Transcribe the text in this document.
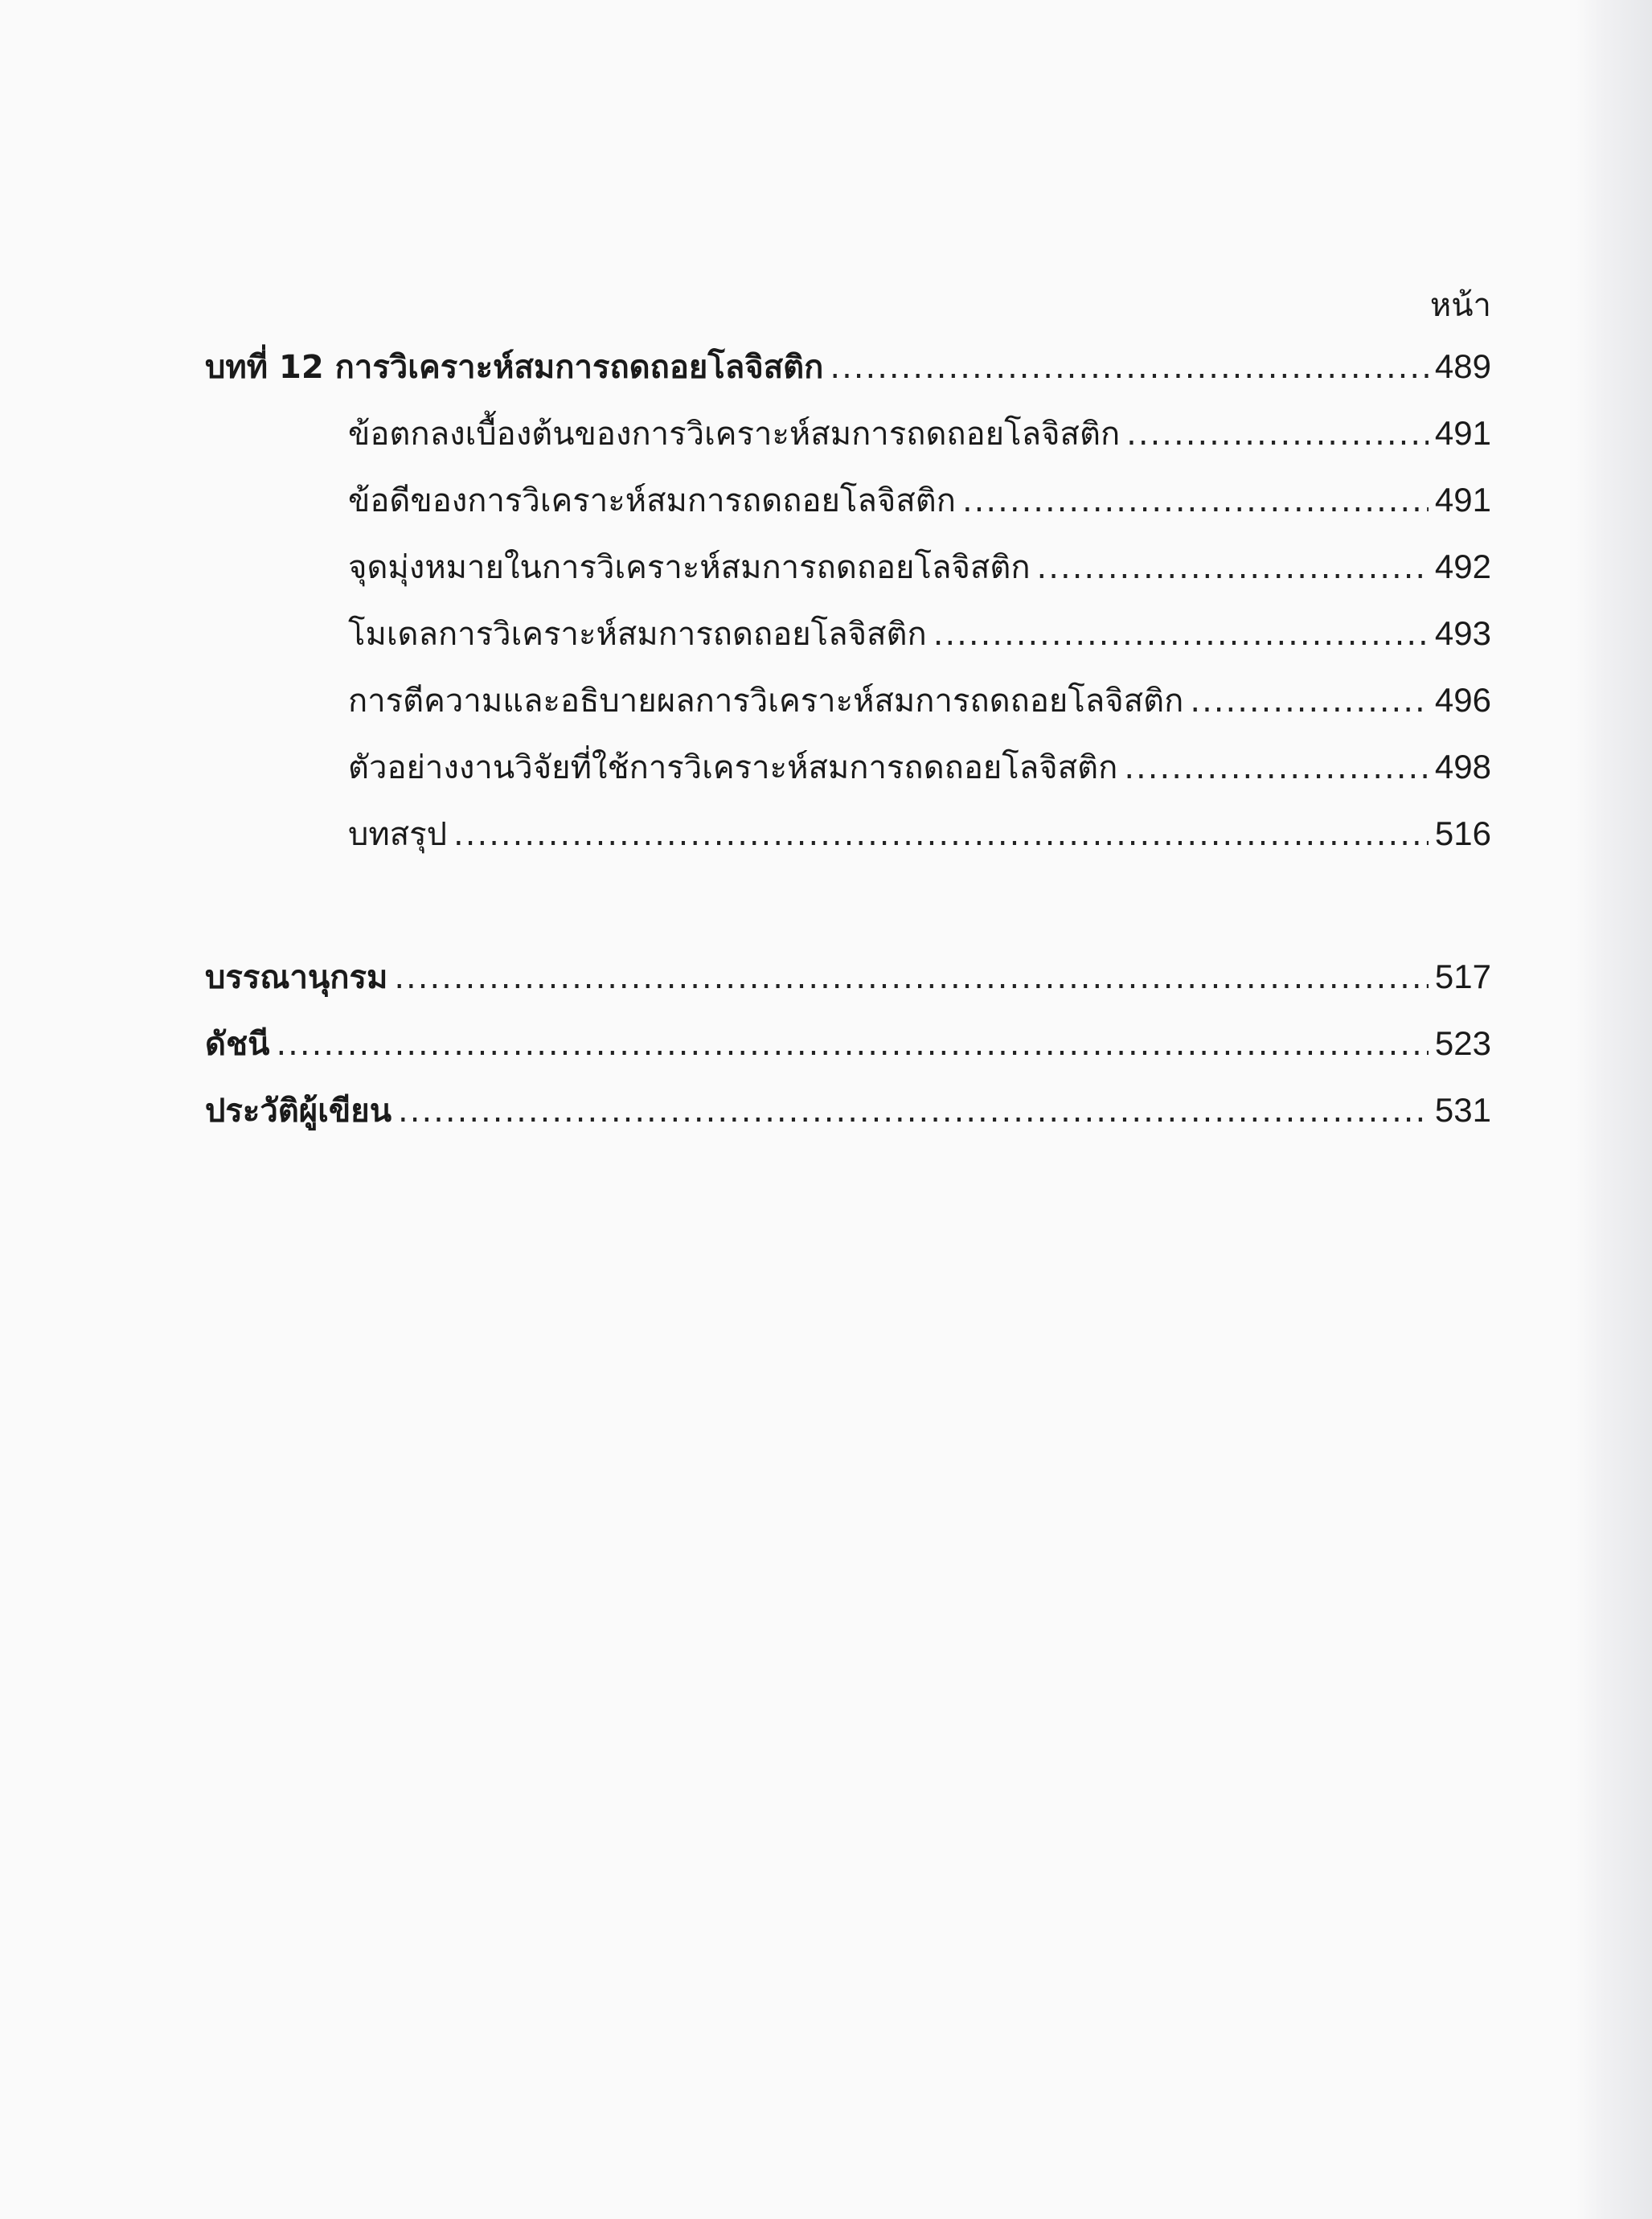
หน้า
บทที่ 12 การวิเคราะห์สมการถดถอยโลจิสติก .....	489
ข้อตกลงเบื้องต้นของการวิเคราะห์สมการถดถอยโลจิสติก .....	491
ข้อดีของการวิเคราะห์สมการถดถอยโลจิสติก .....	491
จุดมุ่งหมายในการวิเคราะห์สมการถดถอยโลจิสติก .....	492
โมเดลการวิเคราะห์สมการถดถอยโลจิสติก .....	493
การตีความและอธิบายผลการวิเคราะห์สมการถดถอยโลจิสติก .....	496
ตัวอย่างงานวิจัยที่ใช้การวิเคราะห์สมการถดถอยโลจิสติก .....	498
บทสรุป .....	516
บรรณานุกรม .....	517
ดัชนี .....	523
ประวัติผู้เขียน .....	531
